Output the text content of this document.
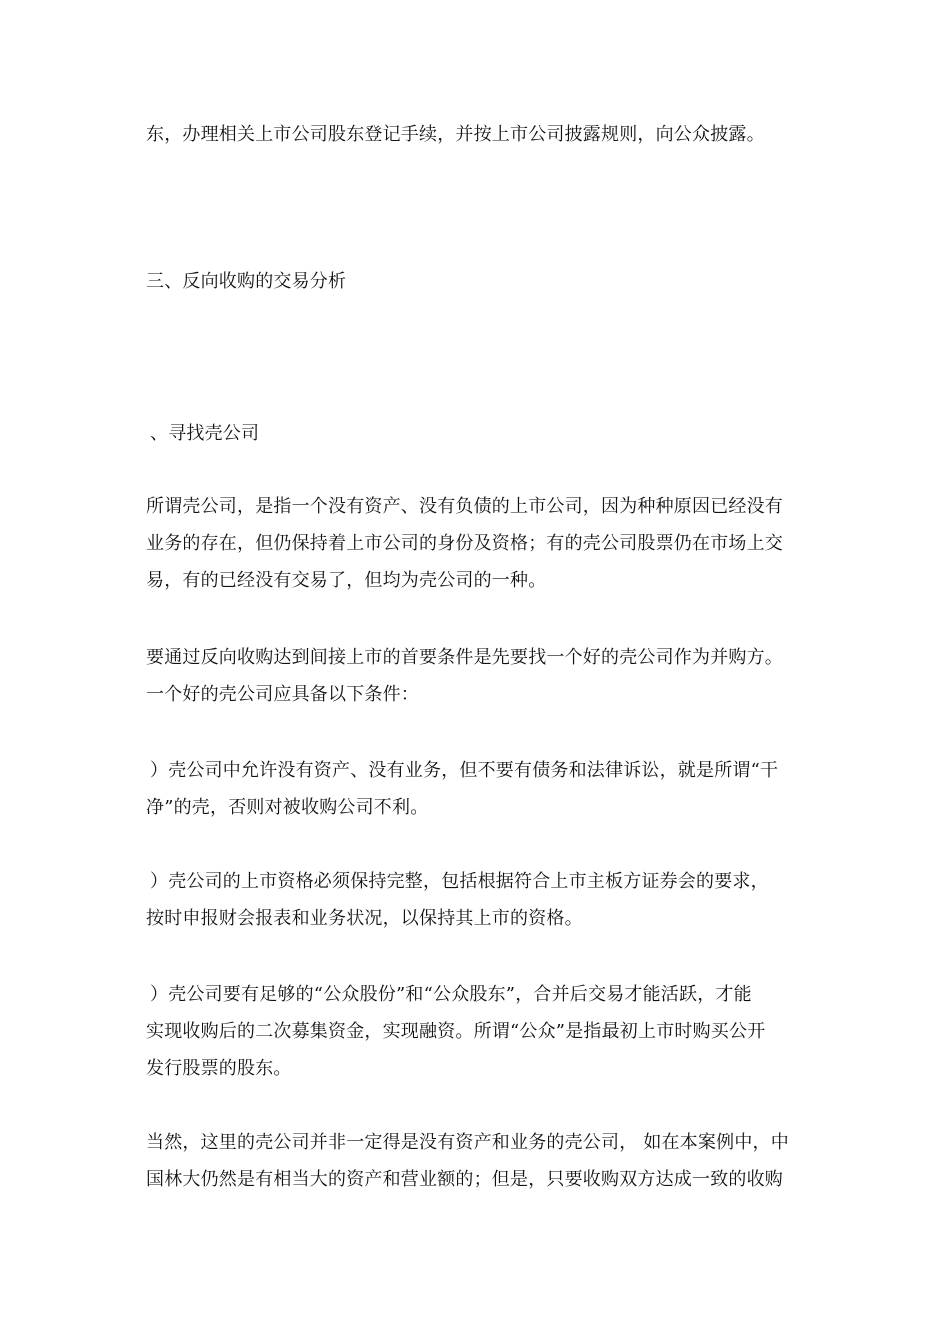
东，办理相关上市公司股东登记手续，并按上市公司披露规则，向公众披露。
三、反向收购的交易分析
、寻找壳公司
所谓壳公司，是指一个没有资产、没有负债的上市公司，因为种种原因已经没有
业务的存在，但仍保持着上市公司的身份及资格；有的壳公司股票仍在市场上交
易，有的已经没有交易了，但均为壳公司的一种。
要通过反向收购达到间接上市的首要条件是先要找一个好的壳公司作为并购方。
一个好的壳公司应具备以下条件：
）壳公司中允许没有资产、没有业务，但不要有债务和法律诉讼，就是所谓“干
净”的壳，否则对被收购公司不利。
）壳公司的上市资格必须保持完整，包括根据符合上市主板方证券会的要求，
按时申报财会报表和业务状况，以保持其上市的资格。
）壳公司要有足够的“公众股份”和“公众股东”，合并后交易才能活跃，才能
实现收购后的二次募集资金，实现融资。所谓“公众”是指最初上市时购买公开
发行股票的股东。
当然，这里的壳公司并非一定得是没有资产和业务的壳公司， 如在本案例中，中
国林大仍然是有相当大的资产和营业额的；但是，只要收购双方达成一致的收购
